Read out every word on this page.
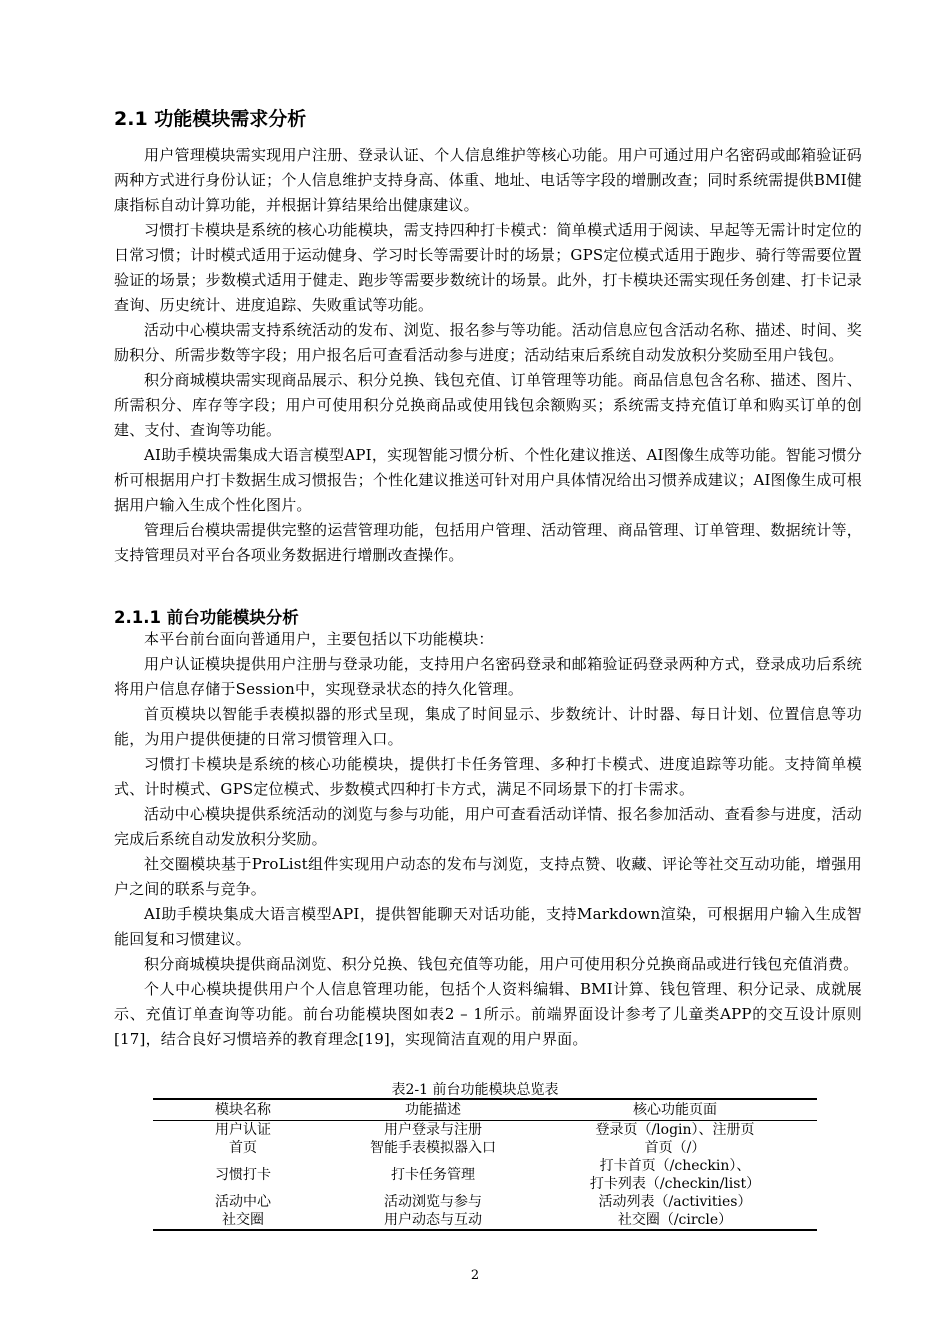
2.1 功能模块需求分析

用户管理模块需实现用户注册、登录认证、个人信息维护等核心功能。用户可通过用户名密码或邮箱验证码两种方式进行身份认证；个人信息维护支持身高、体重、地址、电话等字段的增删改查；同时系统需提供BMI健康指标自动计算功能，并根据计算结果给出健康建议。

习惯打卡模块是系统的核心功能模块，需支持四种打卡模式：简单模式适用于阅读、早起等无需计时定位的日常习惯；计时模式适用于运动健身、学习时长等需要计时的场景；GPS定位模式适用于跑步、骑行等需要位置验证的场景；步数模式适用于健走、跑步等需要步数统计的场景。此外，打卡模块还需实现任务创建、打卡记录查询、历史统计、进度追踪、失败重试等功能。

活动中心模块需支持系统活动的发布、浏览、报名参与等功能。活动信息应包含活动名称、描述、时间、奖励积分、所需步数等字段；用户报名后可查看活动参与进度；活动结束后系统自动发放积分奖励至用户钱包。

积分商城模块需实现商品展示、积分兑换、钱包充值、订单管理等功能。商品信息包含名称、描述、图片、所需积分、库存等字段；用户可使用积分兑换商品或使用钱包余额购买；系统需支持充值订单和购买订单的创建、支付、查询等功能。

AI助手模块需集成大语言模型API，实现智能习惯分析、个性化建议推送、AI图像生成等功能。智能习惯分析可根据用户打卡数据生成习惯报告；个性化建议推送可针对用户具体情况给出习惯养成建议；AI图像生成可根据用户输入生成个性化图片。

管理后台模块需提供完整的运营管理功能，包括用户管理、活动管理、商品管理、订单管理、数据统计等，支持管理员对平台各项业务数据进行增删改查操作。

2.1.1 前台功能模块分析

本平台前台面向普通用户，主要包括以下功能模块：

用户认证模块提供用户注册与登录功能，支持用户名密码登录和邮箱验证码登录两种方式，登录成功后系统将用户信息存储于Session中，实现登录状态的持久化管理。

首页模块以智能手表模拟器的形式呈现，集成了时间显示、步数统计、计时器、每日计划、位置信息等功能，为用户提供便捷的日常习惯管理入口。

习惯打卡模块是系统的核心功能模块，提供打卡任务管理、多种打卡模式、进度追踪等功能。支持简单模式、计时模式、GPS定位模式、步数模式四种打卡方式，满足不同场景下的打卡需求。

活动中心模块提供系统活动的浏览与参与功能，用户可查看活动详情、报名参加活动、查看参与进度，活动完成后系统自动发放积分奖励。

社交圈模块基于ProList组件实现用户动态的发布与浏览，支持点赞、收藏、评论等社交互动功能，增强用户之间的联系与竞争。

AI助手模块集成大语言模型API，提供智能聊天对话功能，支持Markdown渲染，可根据用户输入生成智能回复和习惯建议。

积分商城模块提供商品浏览、积分兑换、钱包充值等功能，用户可使用积分兑换商品或进行钱包充值消费。

个人中心模块提供用户个人信息管理功能，包括个人资料编辑、BMI计算、钱包管理、积分记录、成就展示、充值订单查询等功能。前台功能模块图如表2 – 1所示。前端界面设计参考了儿童类APP的交互设计原则[17]，结合良好习惯培养的教育理念[19]，实现简洁直观的用户界面。

表2-1 前台功能模块总览表
模块名称	功能描述	核心功能页面
用户认证	用户登录与注册	登录页（/login）、注册页
首页	智能手表模拟器入口	首页（/）
习惯打卡	打卡任务管理	打卡首页（/checkin）、
打卡列表（/checkin/list）
活动中心	活动浏览与参与	活动列表（/activities）
社交圈	用户动态与互动	社交圈（/circle）
2
